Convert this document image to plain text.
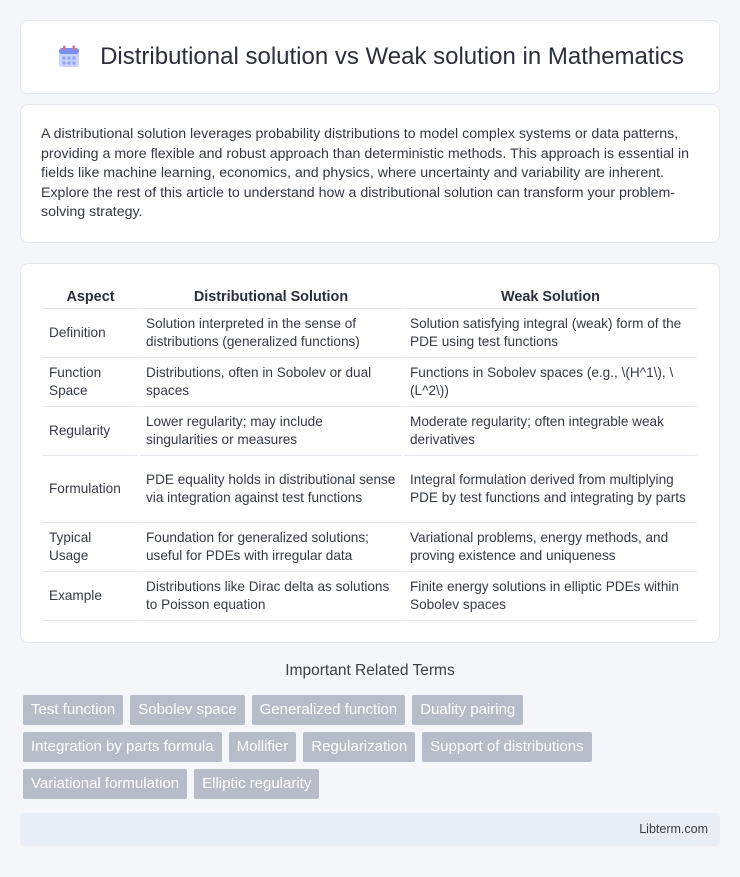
Distributional solution vs Weak solution in Mathematics

A distributional solution leverages probability distributions to model complex systems or data patterns, providing a more flexible and robust approach than deterministic methods. This approach is essential in fields like machine learning, economics, and physics, where uncertainty and variability are inherent. Explore the rest of this article to understand how a distributional solution can transform your problem-solving strategy.

Aspect	Distributional Solution	Weak Solution
Definition	Solution interpreted in the sense of distributions (generalized functions)	Solution satisfying integral (weak) form of the PDE using test functions
Function Space	Distributions, often in Sobolev or dual spaces	Functions in Sobolev spaces (e.g., \(H^1\), \(L^2\))
Regularity	Lower regularity; may include singularities or measures	Moderate regularity; often integrable weak derivatives
Formulation	PDE equality holds in distributional sense via integration against test functions	Integral formulation derived from multiplying PDE by test functions and integrating by parts
Typical Usage	Foundation for generalized solutions; useful for PDEs with irregular data	Variational problems, energy methods, and proving existence and uniqueness
Example	Distributions like Dirac delta as solutions to Poisson equation	Finite energy solutions in elliptic PDEs within Sobolev spaces
Important Related Terms
Test function	Sobolev space	Generalized function	Duality pairing
Integration by parts formula	Mollifier	Regularization	Support of distributions
Variational formulation	Elliptic regularity
Libterm.com
